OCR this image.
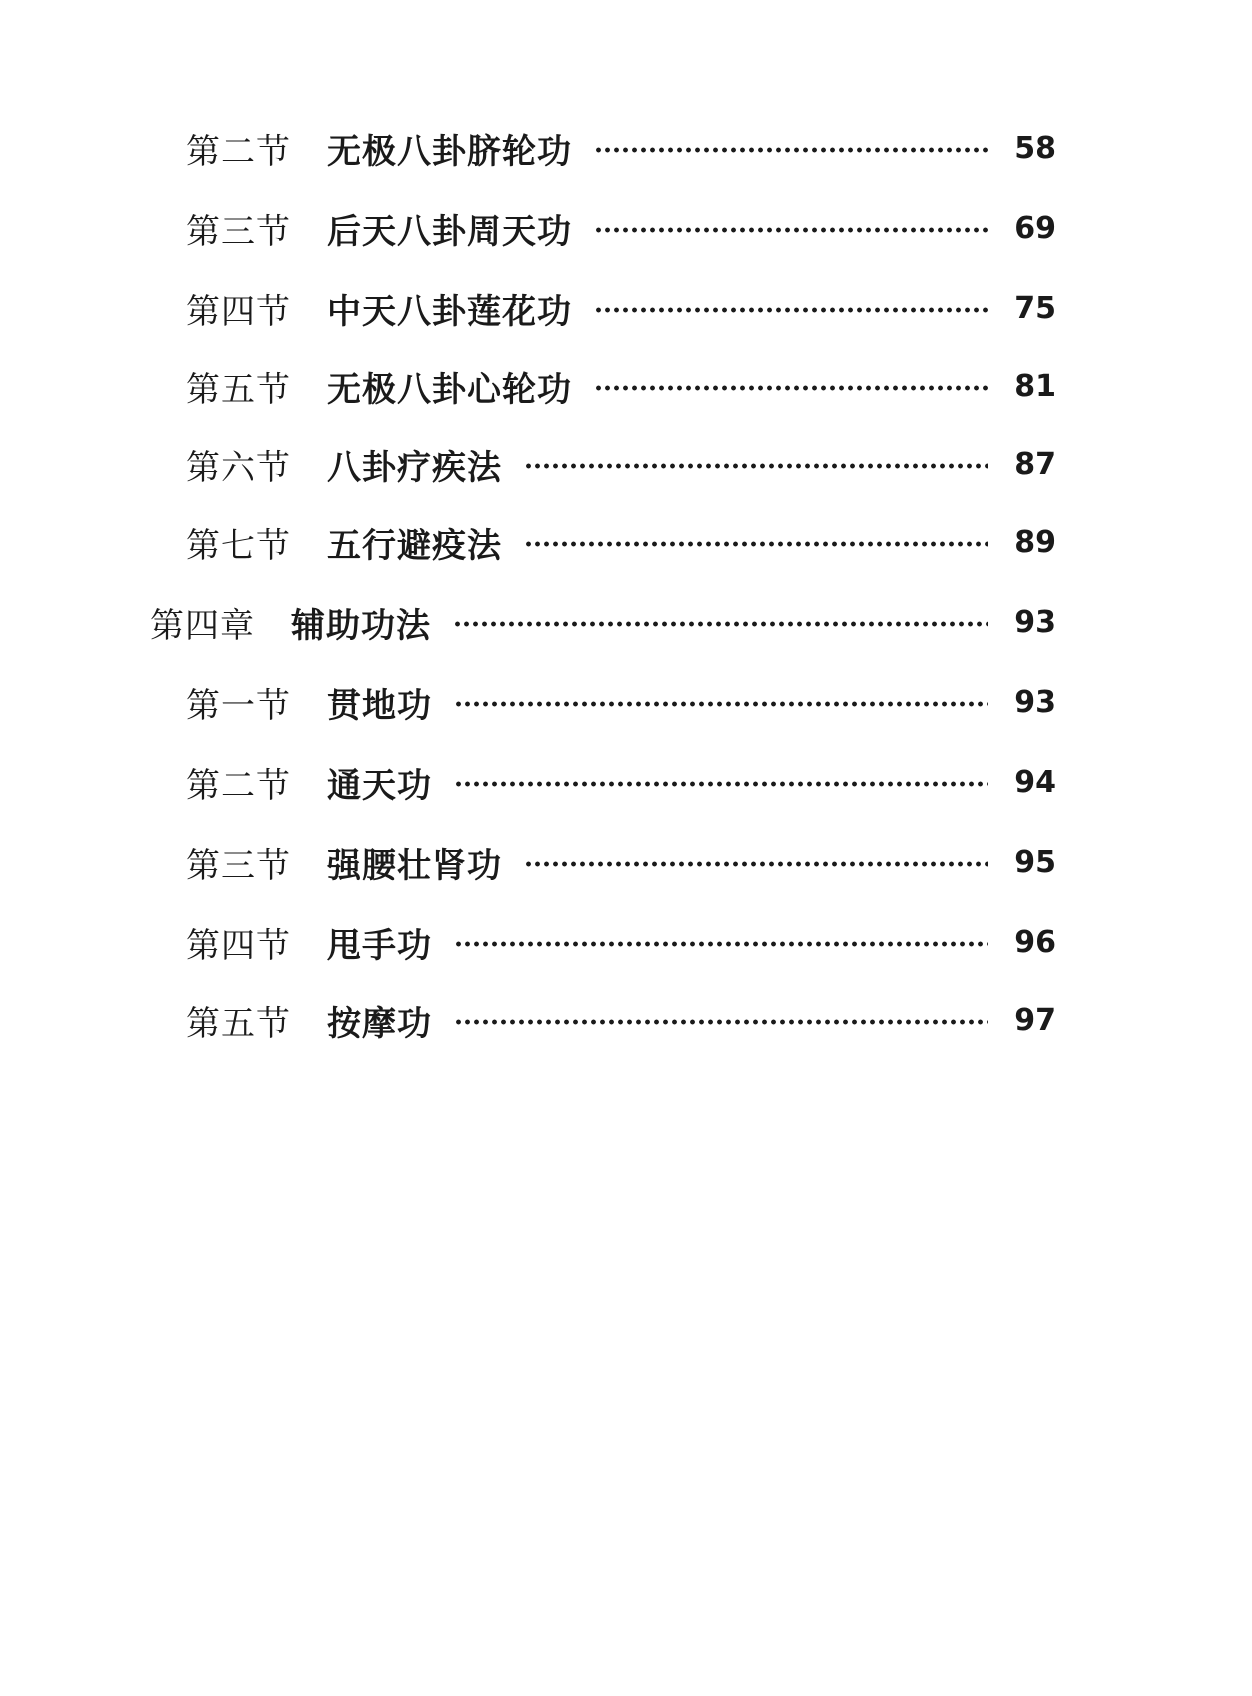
第二节 无极八卦脐轮功	58
第三节 后天八卦周天功	69
第四节 中天八卦莲花功	75
第五节 无极八卦心轮功	81
第六节 八卦疗疾法	87
第七节 五行避疫法	89
第四章 辅助功法	93
第一节 贯地功	93
第二节 通天功	94
第三节 强腰壮肾功	95
第四节 甩手功	96
第五节 按摩功	97
